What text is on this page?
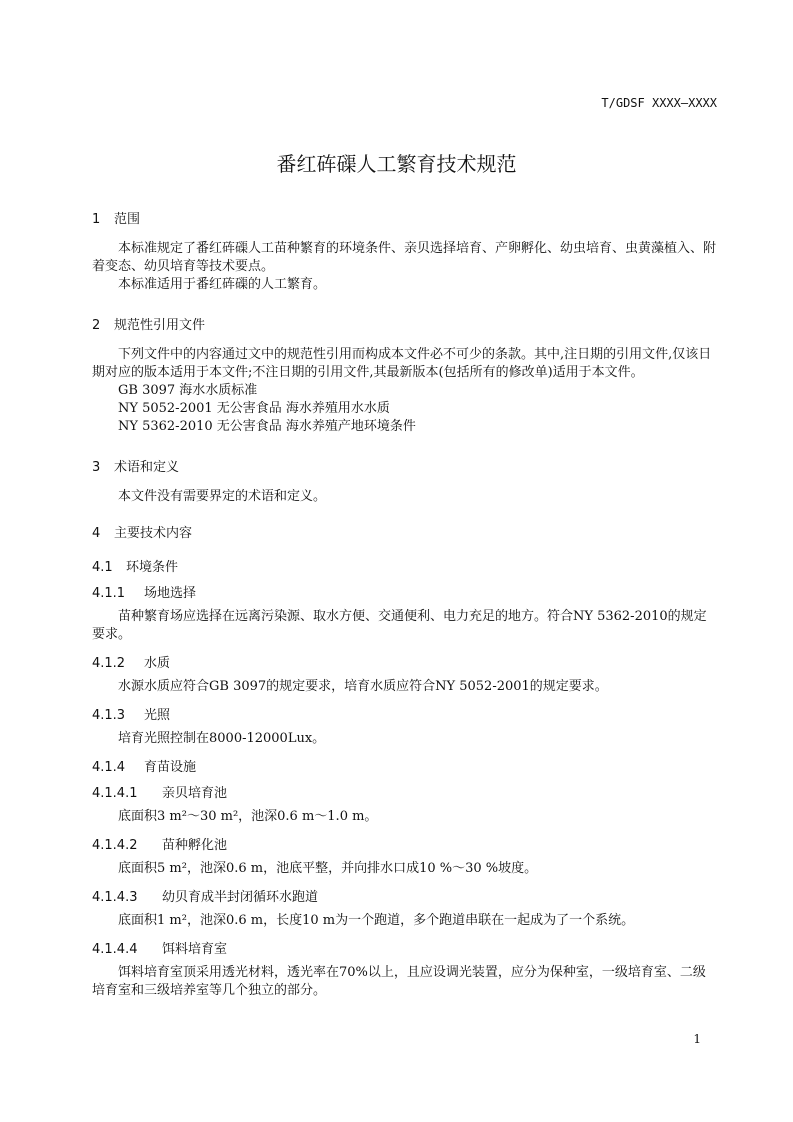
T/GDSF XXXX—XXXX
番红砗磲人工繁育技术规范
1 范围

本标准规定了番红砗磲人工苗种繁育的环境条件、亲贝选择培育、产卵孵化、幼虫培育、虫黄藻植入、附着变态、幼贝培育等技术要点。

本标准适用于番红砗磲的人工繁育。

2 规范性引用文件

下列文件中的内容通过文中的规范性引用而构成本文件必不可少的条款。其中,注日期的引用文件,仅该日期对应的版本适用于本文件;不注日期的引用文件,其最新版本(包括所有的修改单)适用于本文件。

GB 3097 海水水质标准

NY 5052-2001 无公害食品 海水养殖用水水质

NY 5362-2010 无公害食品 海水养殖产地环境条件

3 术语和定义

本文件没有需要界定的术语和定义。

4 主要技术内容
4.1 环境条件
4.1.1 场地选择

苗种繁育场应选择在远离污染源、取水方便、交通便利、电力充足的地方。符合NY 5362-2010的规定要求。

4.1.2 水质

水源水质应符合GB 3097的规定要求，培育水质应符合NY 5052-2001的规定要求。

4.1.3 光照

培育光照控制在8000-12000Lux。

4.1.4 育苗设施
4.1.4.1 亲贝培育池

底面积3 m²～30 m²，池深0.6 m～1.0 m。

4.1.4.2 苗种孵化池

底面积5 m²，池深0.6 m，池底平整，并向排水口成10 %～30 %坡度。

4.1.4.3 幼贝育成半封闭循环水跑道

底面积1 m²，池深0.6 m，长度10 m为一个跑道，多个跑道串联在一起成为了一个系统。

4.1.4.4 饵料培育室

饵料培育室顶采用透光材料，透光率在70%以上，且应设调光装置，应分为保种室，一级培育室、二级培育室和三级培养室等几个独立的部分。

1
